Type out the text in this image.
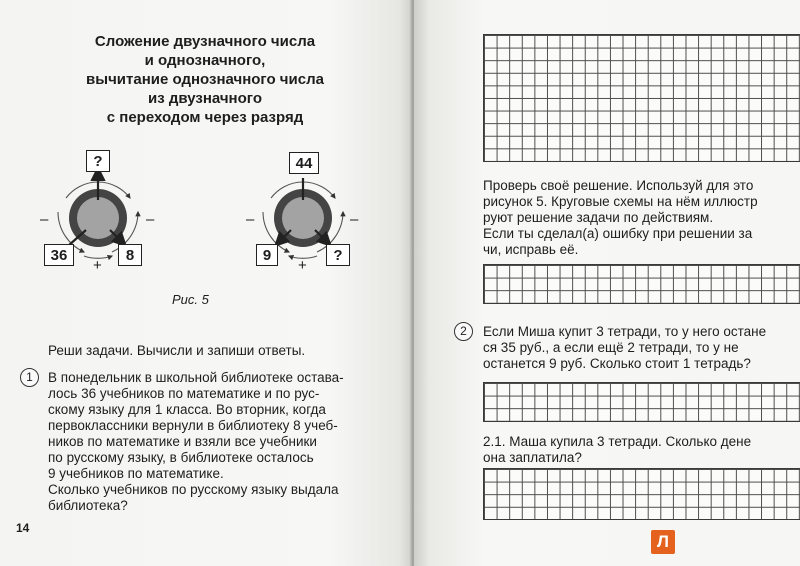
Сложение двузначного числа
и однозначного,
вычитание однозначного числа
из двузначного
с переходом через разряд
?
36	8
–	–
+
44
9	?
–	–
+
Рис. 5
Реши задачи. Вычисли и запиши ответы.
1	В понедельник в школьной библиотеке остава-
лось 36 учебников по математике и по рус-
скому языку для 1 класса. Во вторник, когда
первоклассники вернули в библиотеку 8 учеб-
ников по математике и взяли все учебники
по русскому языку, в библиотеке осталось
9 учебников по математике.
Сколько учебников по русскому языку выдала
библиотека?
14
Проверь своё решение. Используй для это
рисунок 5. Круговые схемы на нём иллюстр
руют решение задачи по действиям.
Если ты сделал(а) ошибку при решении за
чи, исправь её.
2	Если Миша купит 3 тетради, то у него остане
ся 35 руб., а если ещё 2 тетради, то у не
останется 9 руб. Сколько стоит 1 тетрадь?
2.1. Маша купила 3 тетради. Сколько дене
она заплатила?
Л
